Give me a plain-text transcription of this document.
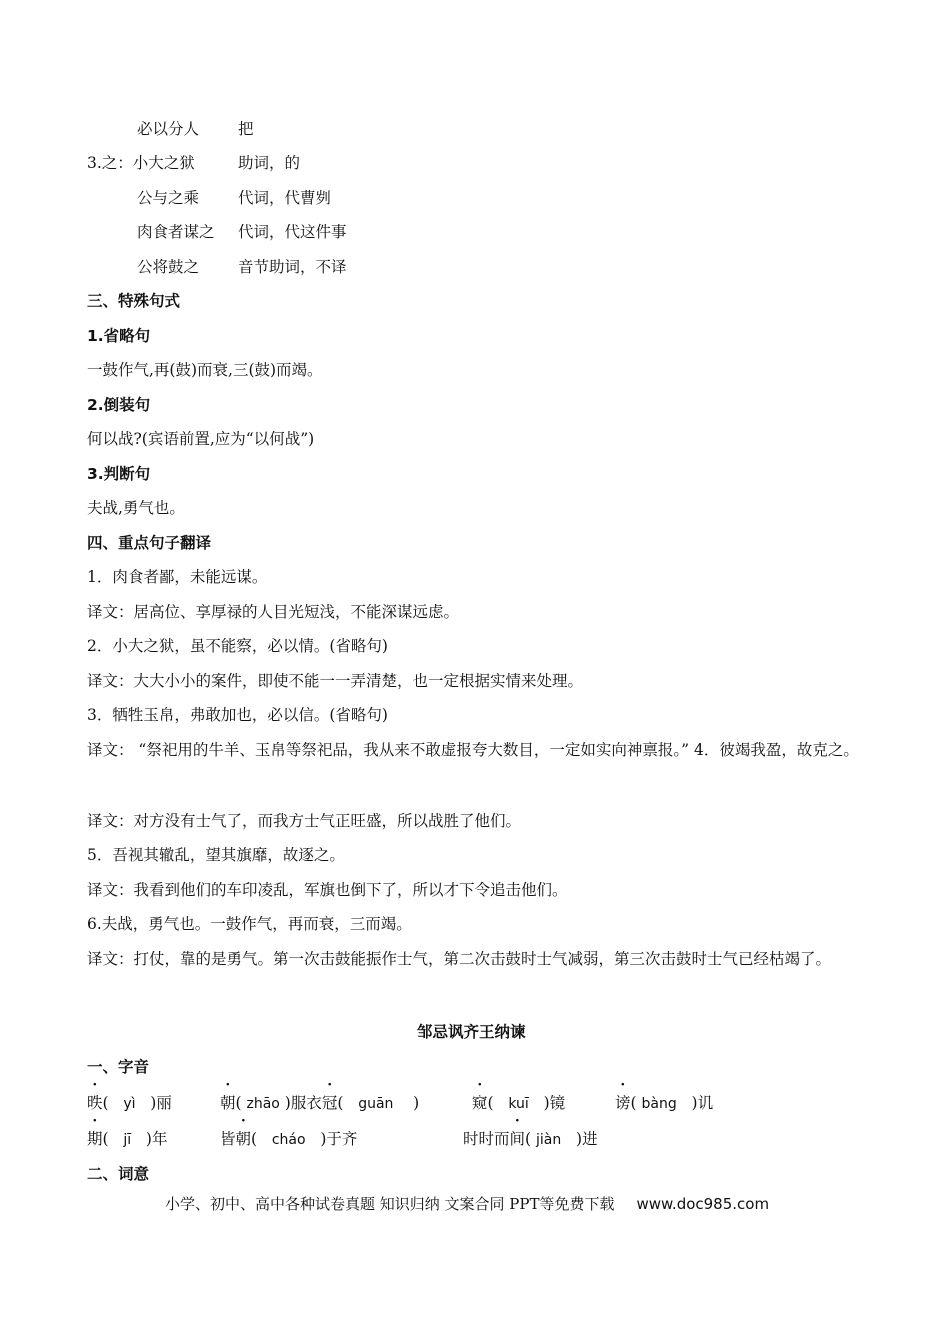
必以分人	把
3.之：小大之狱	助词，的
公与之乘	代词，代曹刿
肉食者谋之 代词，代这件事
公将鼓之	音节助词，不译
三、特殊句式
1.省略句
一鼓作气,再(鼓)而衰,三(鼓)而竭。
2.倒装句
何以战?(宾语前置,应为“以何战”)
3.判断句
夫战,勇气也。
四、重点句子翻译
1．肉食者鄙，未能远谋。
译文：居高位、享厚禄的人目光短浅，不能深谋远虑。
2．小大之狱，虽不能察，必以情。(省略句)
译文：大大小小的案件，即使不能一一弄清楚，也一定根据实情来处理。
3．牺牲玉帛，弗敢加也，必以信。(省略句)
译文： “祭祀用的牛羊、玉帛等祭祀品，我从来不敢虚报夸大数目，一定如实向神禀报。” 4．彼竭我盈，故克之。
译文：对方没有士气了，而我方士气正旺盛，所以战胜了他们。
5．吾视其辙乱，望其旗靡，故逐之。
译文：我看到他们的车印凌乱，军旗也倒下了，所以才下令追击他们。
6.夫战，勇气也。一鼓作气，再而衰，三而竭。
译文：打仗，靠的是勇气。第一次击鼓能振作士气，第二次击鼓时士气减弱，第三次击鼓时士气已经枯竭了。
邹忌讽齐王纳谏
一、字音
昳(   yì   )丽	朝( zhāo )服衣冠(   guān    )	窥(   kuī   )镜	谤( bàng   )讥
期(   jī   )年	皆朝(   cháo   )于齐	时时而间( jiàn   )进
二、词意
小学、初中、高中各种试卷真题 知识归纳 文案合同 PPT等免费下载 www.doc985.com
